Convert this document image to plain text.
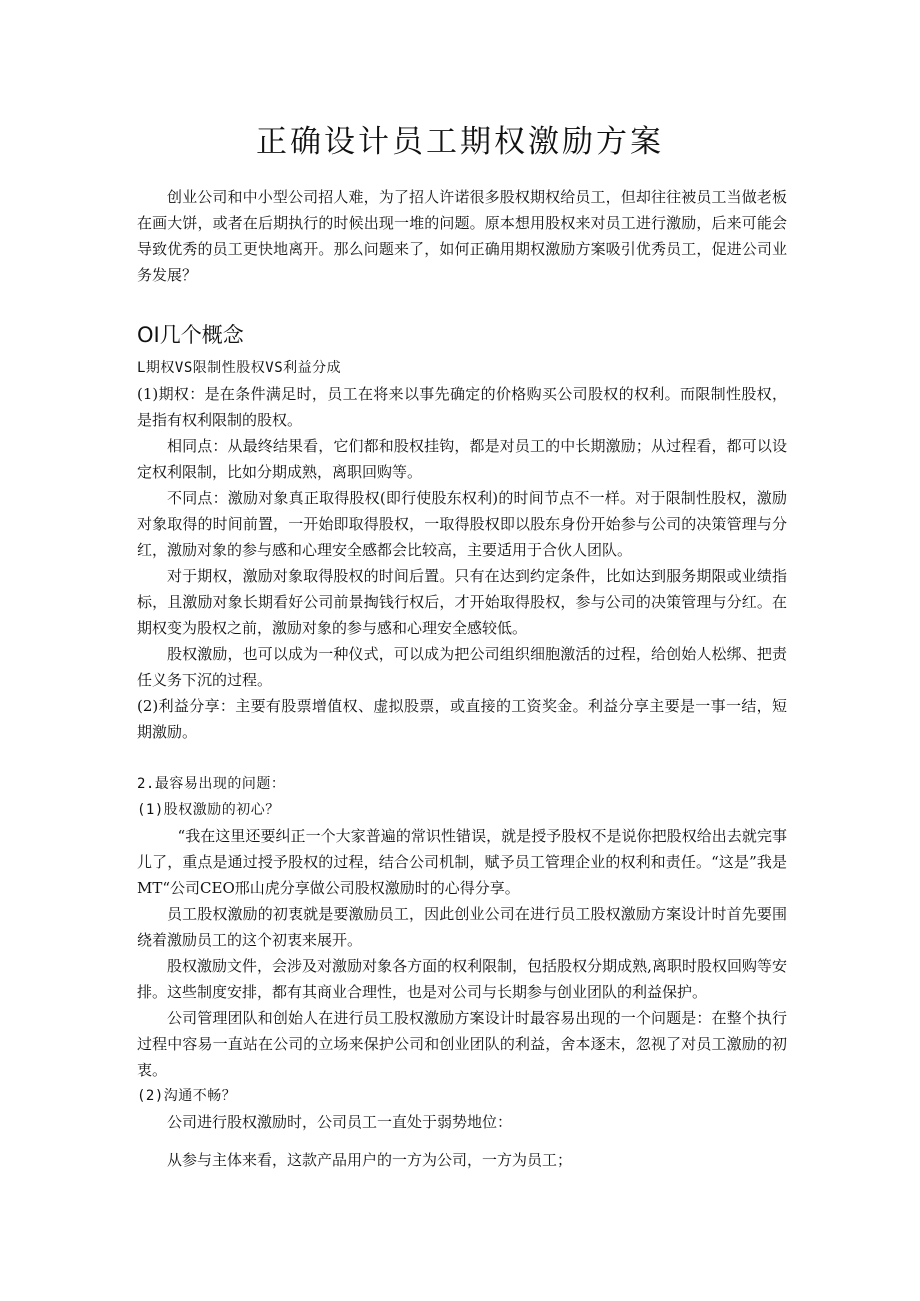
正确设计员工期权激励方案

创业公司和中小型公司招人难，为了招人许诺很多股权期权给员工，但却往往被员工当做老板在画大饼，或者在后期执行的时候出现一堆的问题。原本想用股权来对员工进行激励，后来可能会导致优秀的员工更快地离开。那么问题来了，如何正确用期权激励方案吸引优秀员工，促进公司业务发展？

OI几个概念

L期权VS限制性股权VS利益分成

(1)期权：是在条件满足时，员工在将来以事先确定的价格购买公司股权的权利。而限制性股权，是指有权利限制的股权。

相同点：从最终结果看，它们都和股权挂钩，都是对员工的中长期激励；从过程看，都可以设定权利限制，比如分期成熟，离职回购等。

不同点：激励对象真正取得股权(即行使股东权利)的时间节点不一样。对于限制性股权，激励对象取得的时间前置，一开始即取得股权，一取得股权即以股东身份开始参与公司的决策管理与分红，激励对象的参与感和心理安全感都会比较高，主要适用于合伙人团队。

对于期权，激励对象取得股权的时间后置。只有在达到约定条件，比如达到服务期限或业绩指标，且激励对象长期看好公司前景掏钱行权后，才开始取得股权，参与公司的决策管理与分红。在期权变为股权之前，激励对象的参与感和心理安全感较低。

股权激励，也可以成为一种仪式，可以成为把公司组织细胞激活的过程，给创始人松绑、把责任义务下沉的过程。

(2)利益分享：主要有股票增值权、虚拟股票，或直接的工资奖金。利益分享主要是一事一结，短期激励。

2.最容易出现的问题：

(1)股权激励的初心？

“我在这里还要纠正一个大家普遍的常识性错误，就是授予股权不是说你把股权给出去就完事儿了，重点是通过授予股权的过程，结合公司机制，赋予员工管理企业的权利和责任。“这是”我是MT“公司CEO邢山虎分享做公司股权激励时的心得分享。

员工股权激励的初衷就是要激励员工，因此创业公司在进行员工股权激励方案设计时首先要围绕着激励员工的这个初衷来展开。

股权激励文件，会涉及对激励对象各方面的权利限制，包括股权分期成熟,离职时股权回购等安排。这些制度安排，都有其商业合理性，也是对公司与长期参与创业团队的利益保护。

公司管理团队和创始人在进行员工股权激励方案设计时最容易出现的一个问题是：在整个执行过程中容易一直站在公司的立场来保护公司和创业团队的利益，舍本逐末，忽视了对员工激励的初衷。

(2)沟通不畅？

公司进行股权激励时，公司员工一直处于弱势地位：

从参与主体来看，这款产品用户的一方为公司，一方为员工；
